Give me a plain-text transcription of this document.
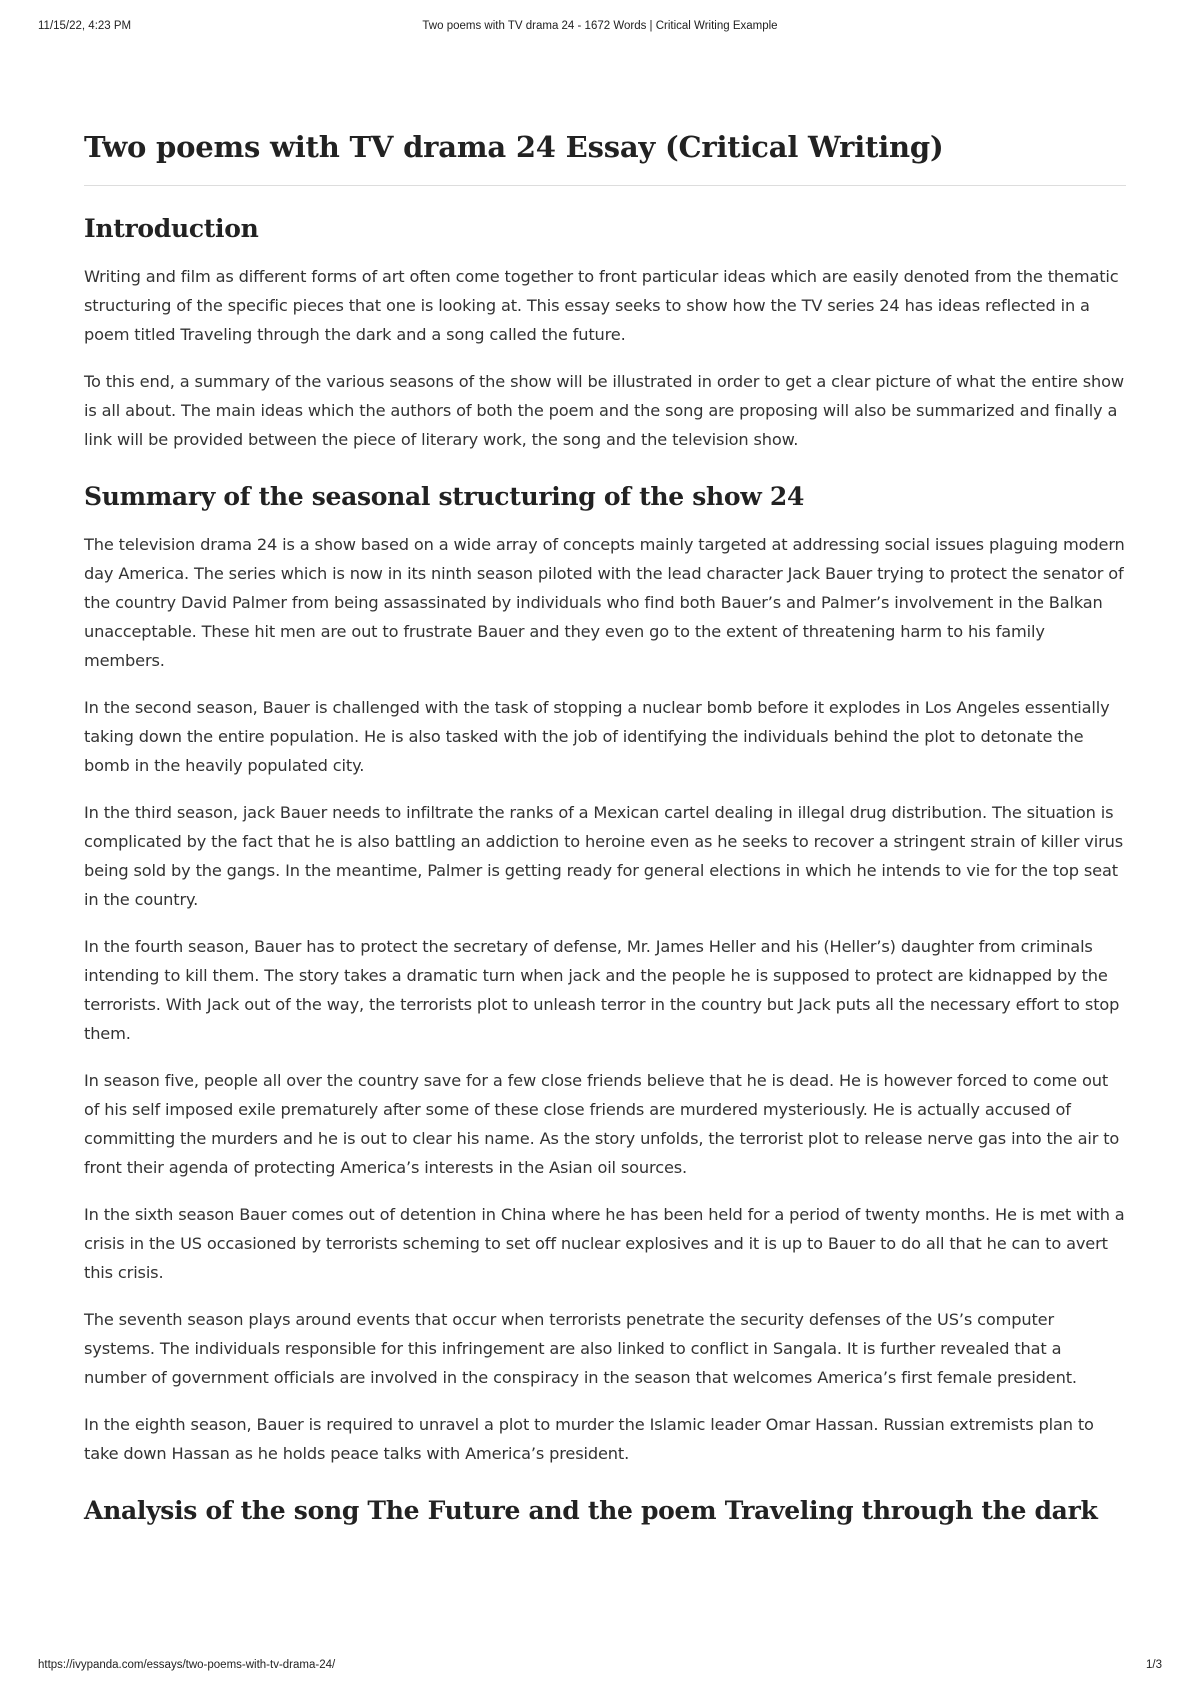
11/15/22, 4:23 PM	Two poems with TV drama 24 - 1672 Words | Critical Writing Example
Two poems with TV drama 24 Essay (Critical Writing)
Introduction

Writing and film as different forms of art often come together to front particular ideas which are easily denoted from the thematic structuring of the specific pieces that one is looking at. This essay seeks to show how the TV series 24 has ideas reflected in a poem titled Traveling through the dark and a song called the future.

To this end, a summary of the various seasons of the show will be illustrated in order to get a clear picture of what the entire show is all about. The main ideas which the authors of both the poem and the song are proposing will also be summarized and finally a link will be provided between the piece of literary work, the song and the television show.

Summary of the seasonal structuring of the show 24

The television drama 24 is a show based on a wide array of concepts mainly targeted at addressing social issues plaguing modern day America. The series which is now in its ninth season piloted with the lead character Jack Bauer trying to protect the senator of the country David Palmer from being assassinated by individuals who find both Bauer’s and Palmer’s involvement in the Balkan unacceptable. These hit men are out to frustrate Bauer and they even go to the extent of threatening harm to his family members.

In the second season, Bauer is challenged with the task of stopping a nuclear bomb before it explodes in Los Angeles essentially taking down the entire population. He is also tasked with the job of identifying the individuals behind the plot to detonate the bomb in the heavily populated city.

In the third season, jack Bauer needs to infiltrate the ranks of a Mexican cartel dealing in illegal drug distribution. The situation is complicated by the fact that he is also battling an addiction to heroine even as he seeks to recover a stringent strain of killer virus being sold by the gangs. In the meantime, Palmer is getting ready for general elections in which he intends to vie for the top seat in the country.

In the fourth season, Bauer has to protect the secretary of defense, Mr. James Heller and his (Heller’s) daughter from criminals intending to kill them. The story takes a dramatic turn when jack and the people he is supposed to protect are kidnapped by the terrorists. With Jack out of the way, the terrorists plot to unleash terror in the country but Jack puts all the necessary effort to stop them.

In season five, people all over the country save for a few close friends believe that he is dead. He is however forced to come out of his self imposed exile prematurely after some of these close friends are murdered mysteriously. He is actually accused of committing the murders and he is out to clear his name. As the story unfolds, the terrorist plot to release nerve gas into the air to front their agenda of protecting America’s interests in the Asian oil sources.

In the sixth season Bauer comes out of detention in China where he has been held for a period of twenty months. He is met with a crisis in the US occasioned by terrorists scheming to set off nuclear explosives and it is up to Bauer to do all that he can to avert this crisis.

The seventh season plays around events that occur when terrorists penetrate the security defenses of the US’s computer systems. The individuals responsible for this infringement are also linked to conflict in Sangala. It is further revealed that a number of government officials are involved in the conspiracy in the season that welcomes America’s first female president.

In the eighth season, Bauer is required to unravel a plot to murder the Islamic leader Omar Hassan. Russian extremists plan to take down Hassan as he holds peace talks with America’s president.

Analysis of the song The Future and the poem Traveling through the dark
https://ivypanda.com/essays/two-poems-with-tv-drama-24/	1/3
